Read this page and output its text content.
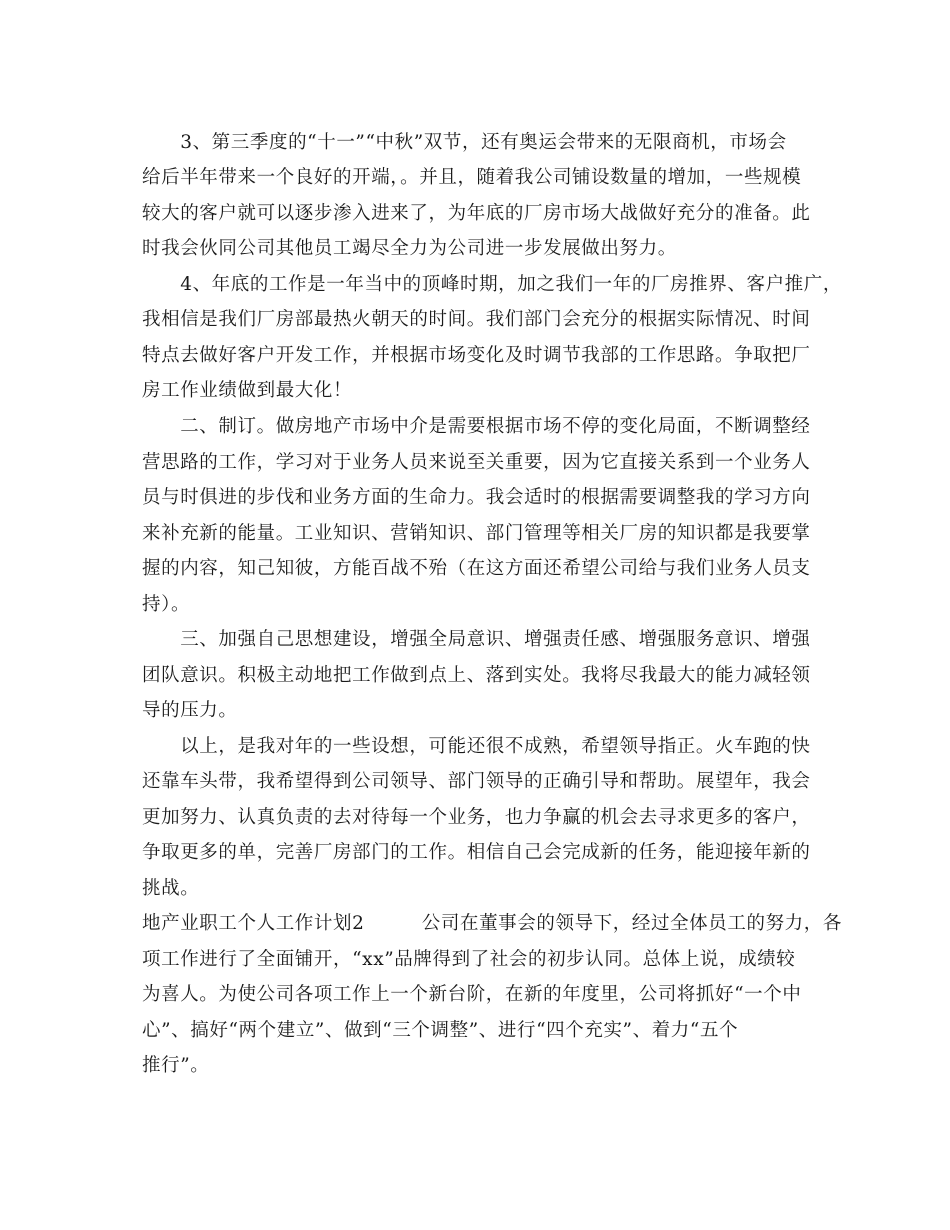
　　3、第三季度的“十一”“中秋”双节，还有奥运会带来的无限商机，市场会
给后半年带来一个良好的开端，。并且，随着我公司铺设数量的增加，一些规模
较大的客户就可以逐步渗入进来了，为年底的厂房市场大战做好充分的准备。此
时我会伙同公司其他员工竭尽全力为公司进一步发展做出努力。
　　4、年底的工作是一年当中的顶峰时期，加之我们一年的厂房推界、客户推广，
我相信是我们厂房部最热火朝天的时间。我们部门会充分的根据实际情况、时间
特点去做好客户开发工作，并根据市场变化及时调节我部的工作思路。争取把厂
房工作业绩做到最大化！
　　二、制订。做房地产市场中介是需要根据市场不停的变化局面，不断调整经
营思路的工作，学习对于业务人员来说至关重要，因为它直接关系到一个业务人
员与时俱进的步伐和业务方面的生命力。我会适时的根据需要调整我的学习方向
来补充新的能量。工业知识、营销知识、部门管理等相关厂房的知识都是我要掌
握的内容，知己知彼，方能百战不殆（在这方面还希望公司给与我们业务人员支
持）。
　　三、加强自己思想建设，增强全局意识、增强责任感、增强服务意识、增强
团队意识。积极主动地把工作做到点上、落到实处。我将尽我最大的能力减轻领
导的压力。
　　以上，是我对年的一些设想，可能还很不成熟，希望领导指正。火车跑的快
还靠车头带，我希望得到公司领导、部门领导的正确引导和帮助。展望年，我会
更加努力、认真负责的去对待每一个业务，也力争赢的机会去寻求更多的客户，
争取更多的单，完善厂房部门的工作。相信自己会完成新的任务，能迎接年新的
挑战。
地产业职工个人工作计划2　　　公司在董事会的领导下，经过全体员工的努力，各
项工作进行了全面铺开，“xx”品牌得到了社会的初步认同。总体上说，成绩较
为喜人。为使公司各项工作上一个新台阶，在新的年度里，公司将抓好“一个中
心”、搞好“两个建立”、做到“三个调整”、进行“四个充实”、着力“五个
推行”。
